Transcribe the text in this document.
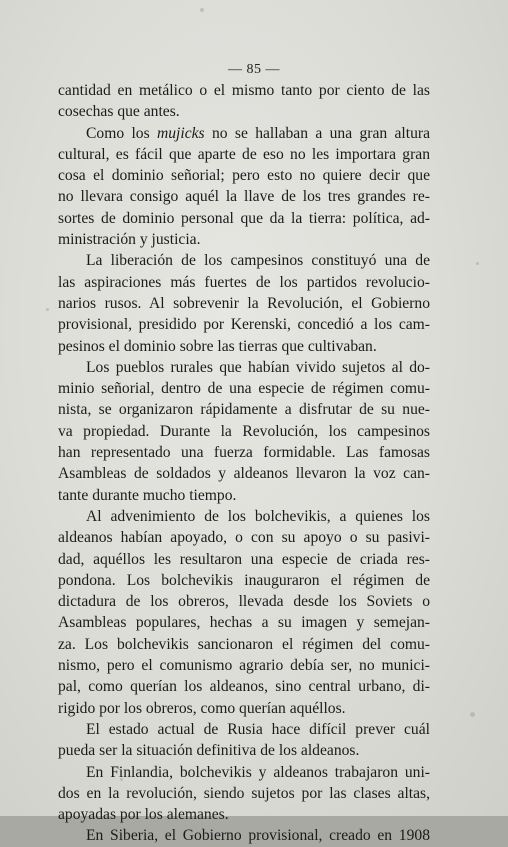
— 85 —

cantidad en metálico o el mismo tanto por ciento de las
cosechas que antes.

Como los mujicks no se hallaban a una gran altura
cultural, es fácil que aparte de eso no les importara gran
cosa el dominio señorial; pero esto no quiere decir que
no llevara consigo aquél la llave de los tres grandes re-
sortes de dominio personal que da la tierra: política, ad-
ministración y justicia.

La liberación de los campesinos constituyó una de
las aspiraciones más fuertes de los partidos revolucio-
narios rusos. Al sobrevenir la Revolución, el Gobierno
provisional, presidido por Kerenski, concedió a los cam-
pesinos el dominio sobre las tierras que cultivaban.

Los pueblos rurales que habían vivido sujetos al do-
minio señorial, dentro de una especie de régimen comu-
nista, se organizaron rápidamente a disfrutar de su nue-
va propiedad. Durante la Revolución, los campesinos
han representado una fuerza formidable. Las famosas
Asambleas de soldados y aldeanos llevaron la voz can-
tante durante mucho tiempo.

Al advenimiento de los bolchevikis, a quienes los
aldeanos habían apoyado, o con su apoyo o su pasivi-
dad, aquéllos les resultaron una especie de criada res-
pondona. Los bolchevikis inauguraron el régimen de
dictadura de los obreros, llevada desde los Soviets o
Asambleas populares, hechas a su imagen y semejan-
za. Los bolchevikis sancionaron el régimen del comu-
nismo, pero el comunismo agrario debía ser, no munici-
pal, como querían los aldeanos, sino central urbano, di-
rigido por los obreros, como querían aquéllos.

El estado actual de Rusia hace difícil prever cuál
pueda ser la situación definitiva de los aldeanos.

En Finlandia, bolchevikis y aldeanos trabajaron uni-
dos en la revolución, siendo sujetos por las clases altas,
apoyadas por los alemanes.

En Siberia, el Gobierno provisional, creado en 1908
